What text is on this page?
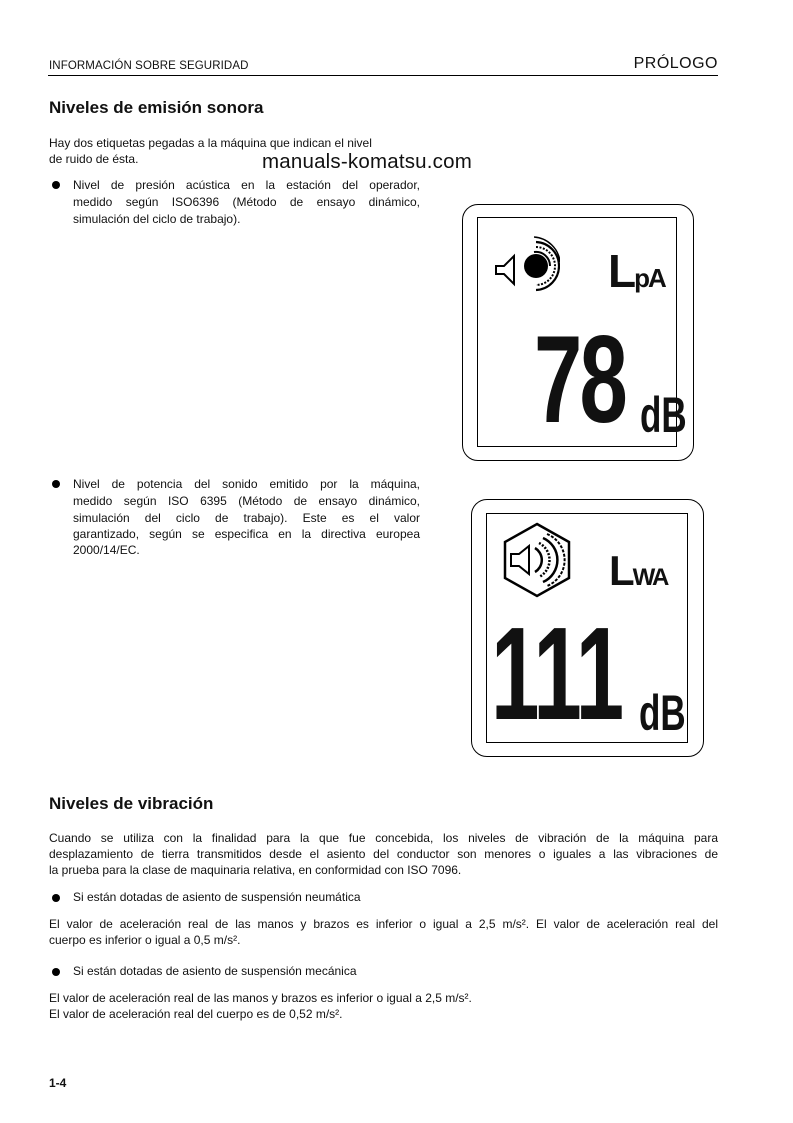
INFORMACIÓN SOBRE SEGURIDAD	PRÓLOGO
Niveles de emisión sonora
Hay dos etiquetas pegadas a la máquina que indican el nivel
de ruido de ésta.	manuals-komatsu.com
Nivel de presión acústica en la estación del operador,
medido según ISO6396 (Método de ensayo dinámico,
simulación del ciclo de trabajo).
LpA
78 dB
Nivel de potencia del sonido emitido por la máquina,
medido según ISO 6395 (Método de ensayo dinámico,
simulación del ciclo de trabajo). Este es el valor
garantizado, según se especifica en la directiva europea
2000/14/EC.	LWA
111 dB
Niveles de vibración
Cuando se utiliza con la finalidad para la que fue concebida, los niveles de vibración de la máquina para
desplazamiento de tierra transmitidos desde el asiento del conductor son menores o iguales a las vibraciones de
la prueba para la clase de maquinaria relativa, en conformidad con ISO 7096.
Si están dotadas de asiento de suspensión neumática
El valor de aceleración real de las manos y brazos es inferior o igual a 2,5 m/s². El valor de aceleración real del
cuerpo es inferior o igual a 0,5 m/s².
Si están dotadas de asiento de suspensión mecánica
El valor de aceleración real de las manos y brazos es inferior o igual a 2,5 m/s².
El valor de aceleración real del cuerpo es de 0,52 m/s².
1-4
